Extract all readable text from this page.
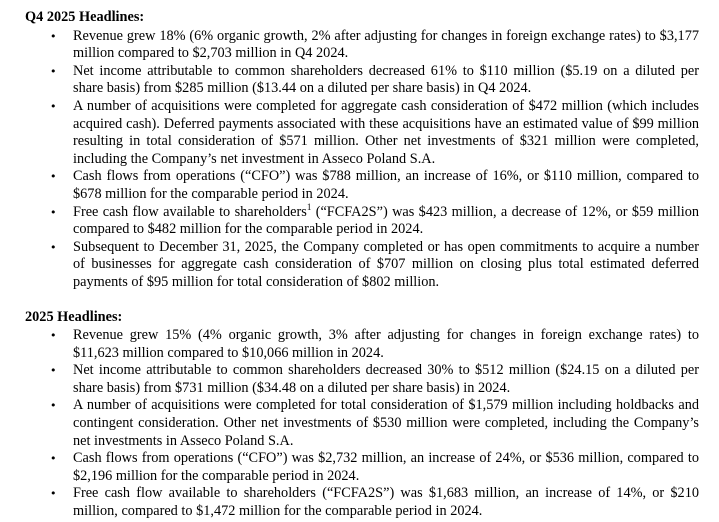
Q4 2025 Headlines:
•	Revenue grew 18% (6% organic growth, 2% after adjusting for changes in foreign exchange rates) to $3,177 million compared to $2,703 million in Q4 2024.
•	Net income attributable to common shareholders decreased 61% to $110 million ($5.19 on a diluted per share basis) from $285 million ($13.44 on a diluted per share basis) in Q4 2024.
•	A number of acquisitions were completed for aggregate cash consideration of $472 million (which includes acquired cash). Deferred payments associated with these acquisitions have an estimated value of $99 million resulting in total consideration of $571 million. Other net investments of $321 million were completed, including the Company’s net investment in Asseco Poland S.A.
•	Cash flows from operations (“CFO”) was $788 million, an increase of 16%, or $110 million, compared to $678 million for the comparable period in 2024.
•	Free cash flow available to shareholders$^1$ (“FCFA2S”) was $423 million, a decrease of 12%, or $59 million compared to $482 million for the comparable period in 2024.
•	Subsequent to December 31, 2025, the Company completed or has open commitments to acquire a number of businesses for aggregate cash consideration of $707 million on closing plus total estimated deferred payments of $95 million for total consideration of $802 million.
2025 Headlines:
•	Revenue grew 15% (4% organic growth, 3% after adjusting for changes in foreign exchange rates) to $11,623 million compared to $10,066 million in 2024.
•	Net income attributable to common shareholders decreased 30% to $512 million ($24.15 on a diluted per share basis) from $731 million ($34.48 on a diluted per share basis) in 2024.
•	A number of acquisitions were completed for total consideration of $1,579 million including holdbacks and contingent consideration. Other net investments of $530 million were completed, including the Company’s net investments in Asseco Poland S.A.
•	Cash flows from operations (“CFO”) was $2,732 million, an increase of 24%, or $536 million, compared to $2,196 million for the comparable period in 2024.
•	Free cash flow available to shareholders (“FCFA2S”) was $1,683 million, an increase of 14%, or $210 million, compared to $1,472 million for the comparable period in 2024.
